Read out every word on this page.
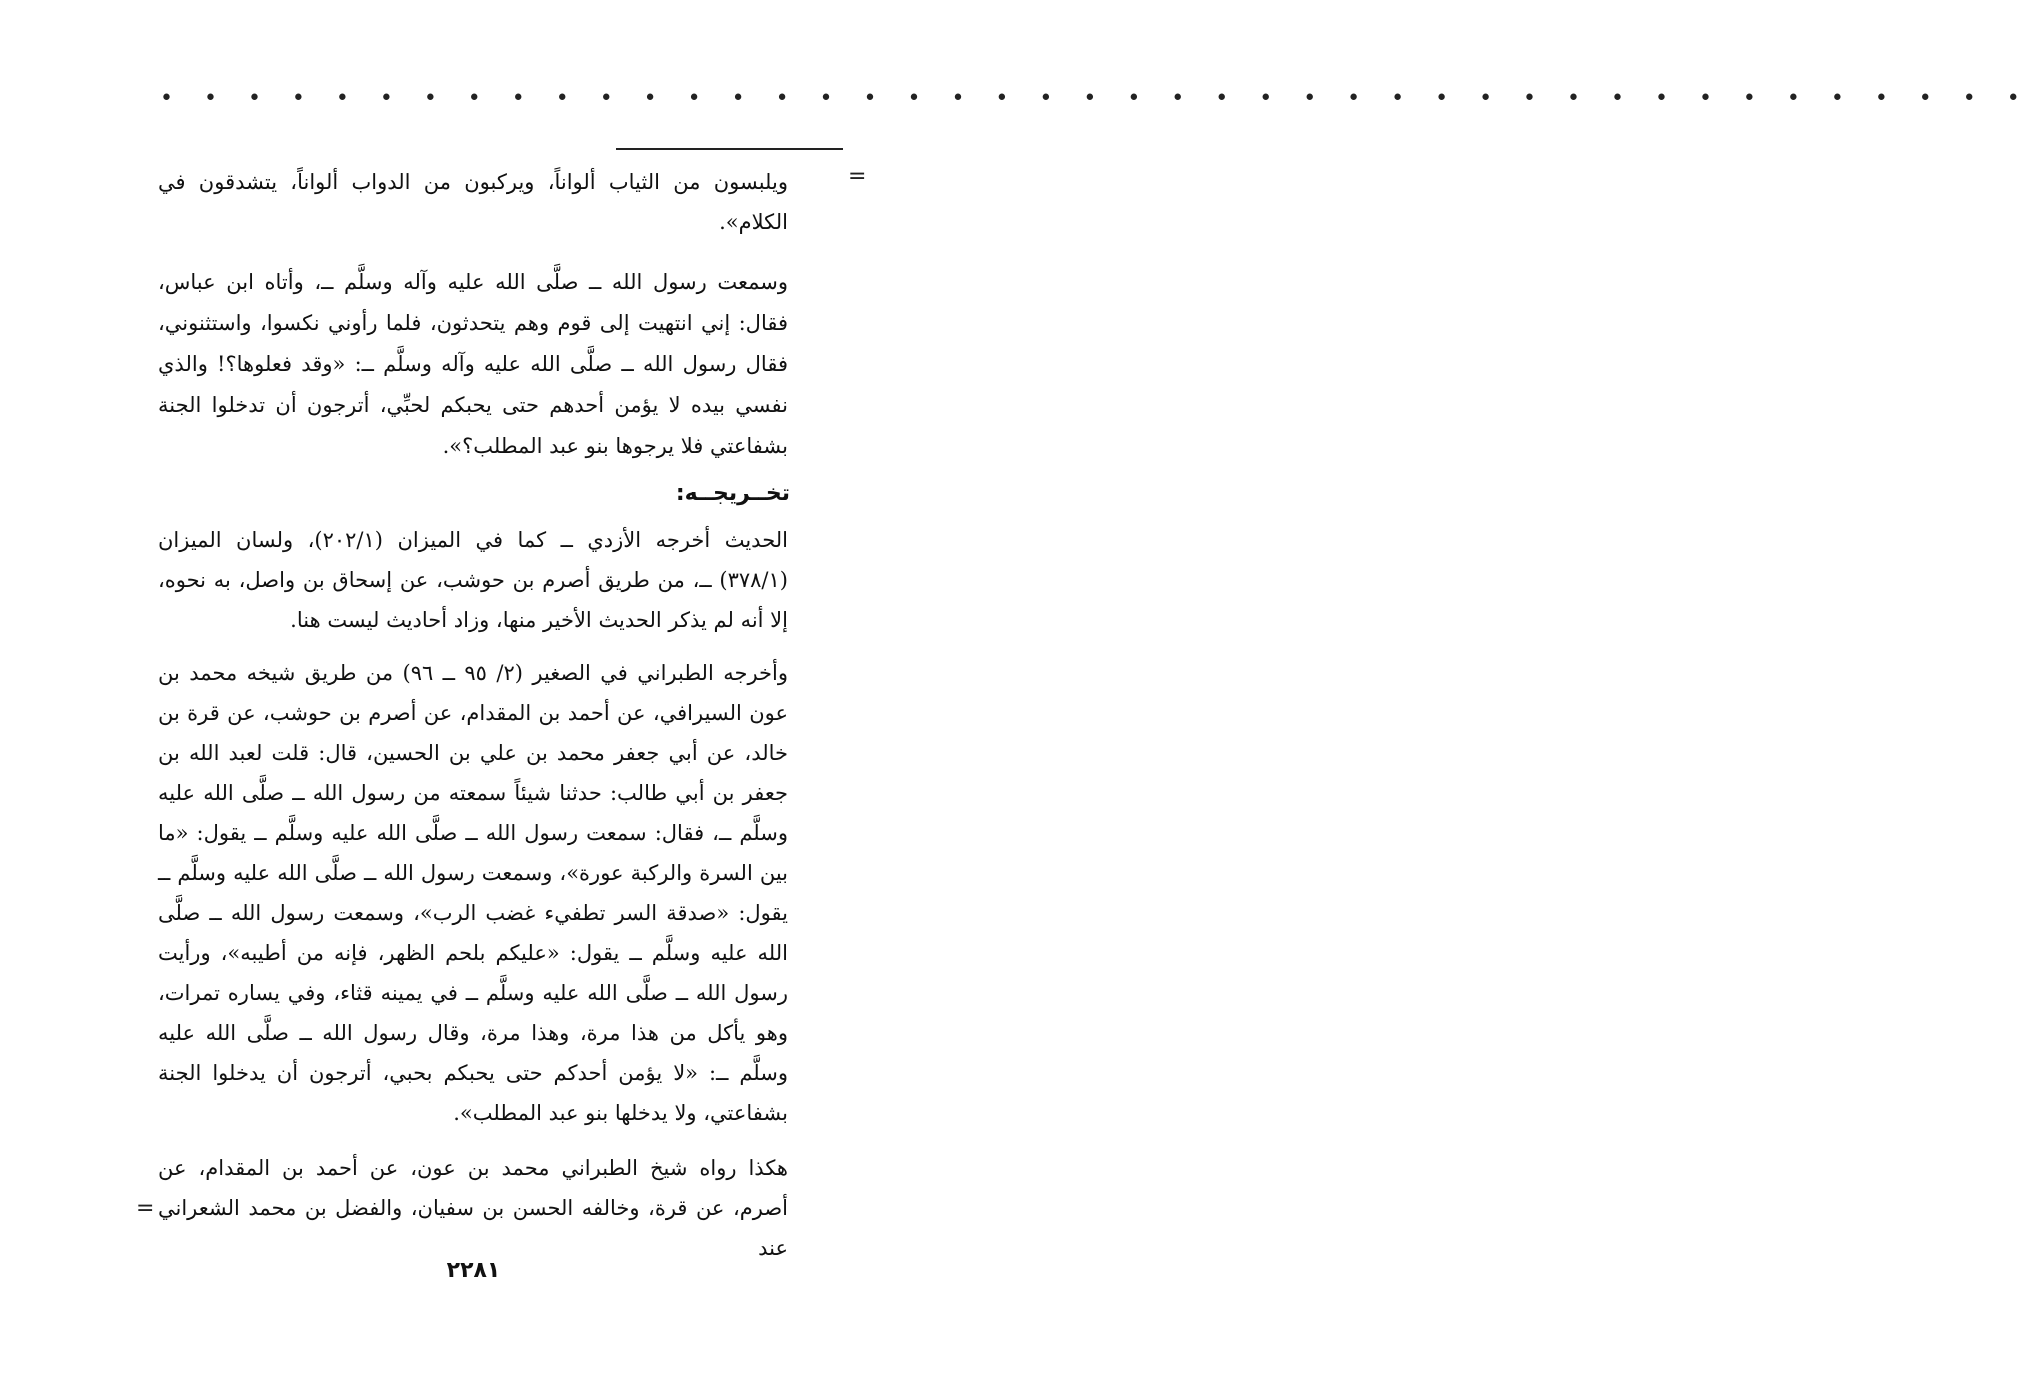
• • • • • • • • • • • • • • • • • • • • • • • • • • • • • • • • • • • • • • • • • • •
=

ويلبسون من الثياب ألواناً، ويركبون من الدواب ألواناً، يتشدقون في الكلام».

وسمعت رسول الله ــ صلَّى الله عليه وآله وسلَّم ــ، وأتاه ابن عباس، فقال: إني انتهيت إلى قوم وهم يتحدثون، فلما رأوني نكسوا، واستثنوني، فقال رسول الله ــ صلَّى الله عليه وآله وسلَّم ــ: «وقد فعلوها؟! والذي نفسي بيده لا يؤمن أحدهم حتى يحبكم لحبِّي، أترجون أن تدخلوا الجنة بشفاعتي فلا يرجوها بنو عبد المطلب؟».

تخــريجــه:

الحديث أخرجه الأزدي ــ كما في الميزان (٢٠٢/١)، ولسان الميزان (٣٧٨/١) ــ، من طريق أصرم بن حوشب، عن إسحاق بن واصل، به نحوه، إلا أنه لم يذكر الحديث الأخير منها، وزاد أحاديث ليست هنا.

وأخرجه الطبراني في الصغير (٢/ ٩٥ ــ ٩٦) من طريق شيخه محمد بن عون السيرافي، عن أحمد بن المقدام، عن أصرم بن حوشب، عن قرة بن خالد، عن أبي جعفر محمد بن علي بن الحسين، قال: قلت لعبد الله بن جعفر بن أبي طالب: حدثنا شيئاً سمعته من رسول الله ــ صلَّى الله عليه وسلَّم ــ، فقال: سمعت رسول الله ــ صلَّى الله عليه وسلَّم ــ يقول: «ما بين السرة والركبة عورة»، وسمعت رسول الله ــ صلَّى الله عليه وسلَّم ــ يقول: «صدقة السر تطفيء غضب الرب»، وسمعت رسول الله ــ صلَّى الله عليه وسلَّم ــ يقول: «عليكم بلحم الظهر، فإنه من أطيبه»، ورأيت رسول الله ــ صلَّى الله عليه وسلَّم ــ في يمينه قثاء، وفي يساره تمرات، وهو يأكل من هذا مرة، وهذا مرة، وقال رسول الله ــ صلَّى الله عليه وسلَّم ــ: «لا يؤمن أحدكم حتى يحبكم بحبي، أترجون أن يدخلوا الجنة بشفاعتي، ولا يدخلها بنو عبد المطلب».

هكذا رواه شيخ الطبراني محمد بن عون، عن أحمد بن المقدام، عن أصرم، عن قرة، وخالفه الحسن بن سفيان، والفضل بن محمد الشعراني عند

=
٢٢٨١
